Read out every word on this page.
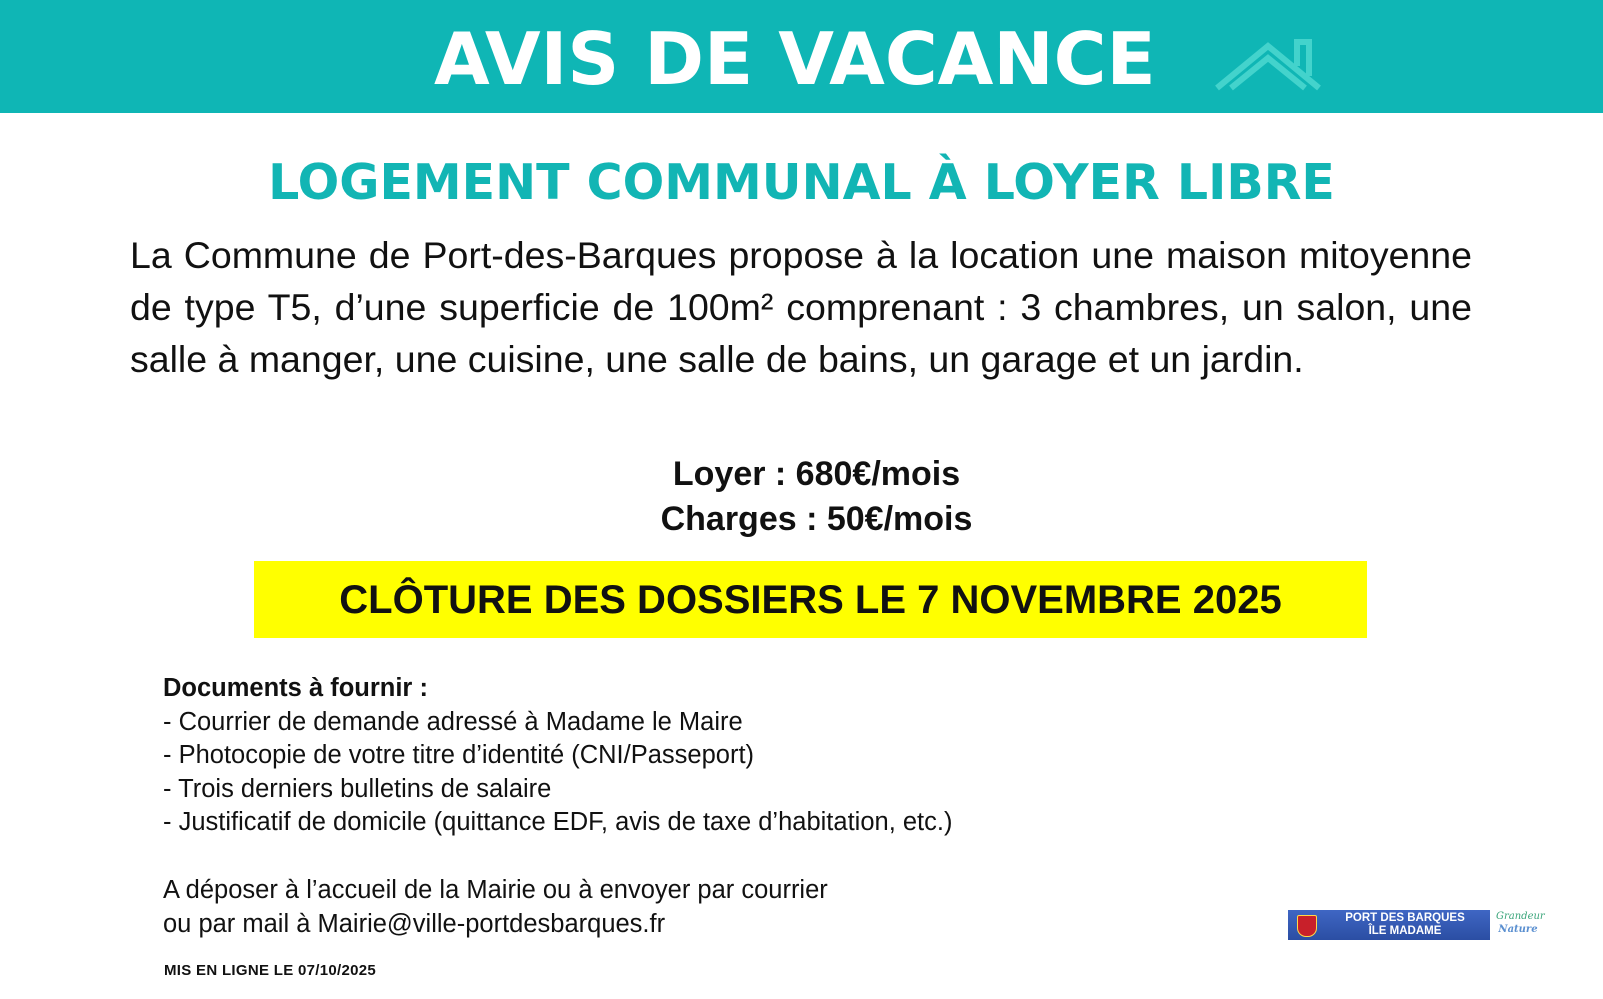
AVIS DE VACANCE
LOGEMENT COMMUNAL À LOYER LIBRE
La Commune de Port-des-Barques propose à la location une maison mitoyenne de type T5, d’une superficie de 100m² comprenant : 3 chambres, un salon, une salle à manger, une cuisine, une salle de bains, un garage et un jardin.
Loyer : 680€/mois
Charges : 50€/mois
CLÔTURE DES DOSSIERS LE 7 NOVEMBRE 2025
Documents à fournir :
- Courrier de demande adressé à Madame le Maire
- Photocopie de votre titre d’identité (CNI/Passeport)
- Trois derniers bulletins de salaire
- Justificatif de domicile (quittance EDF, avis de taxe d’habitation, etc.)
A déposer à l’accueil de la Mairie ou à envoyer par courrier
ou par mail à Mairie@ville-portdesbarques.fr
MIS EN LIGNE LE 07/10/2025
PORT DES BARQUES
ÎLE MADAME
Grandeur
Nature
